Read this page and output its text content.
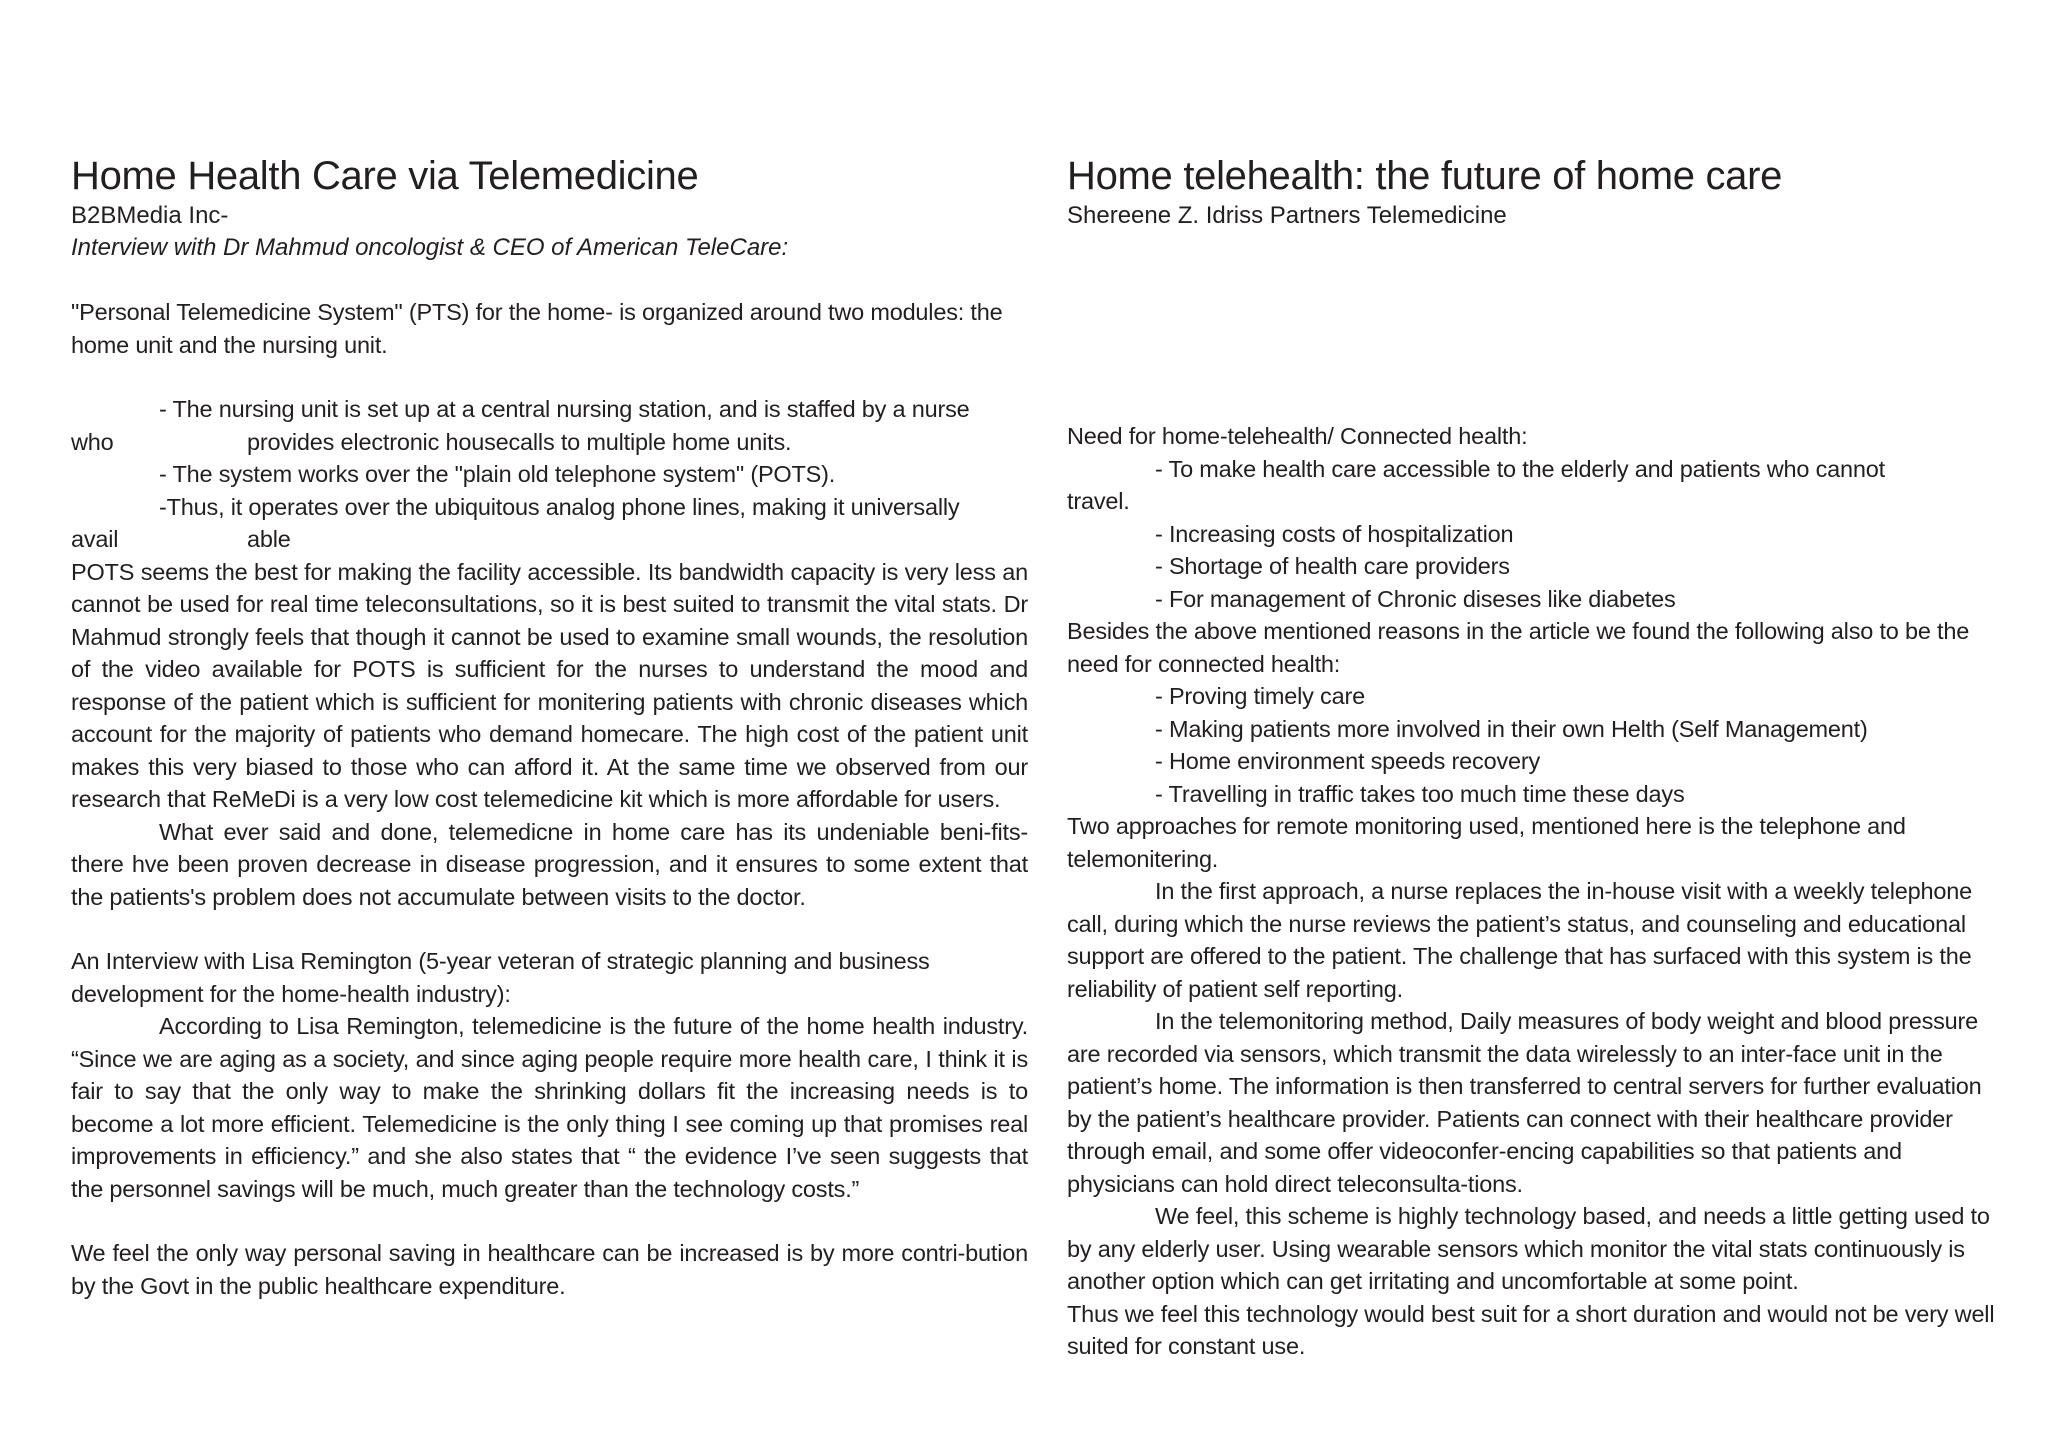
Home Health Care via Telemedicine
B2BMedia Inc-
Interview with Dr Mahmud oncologist & CEO of American TeleCare:

"Personal Telemedicine System" (PTS) for the home- is organized around two modules: the home unit and the nursing unit.

- The nursing unit is set up at a central nursing station, and is staffed by a nurse

who	provides electronic housecalls to multiple home units.

- The system works over the "plain old telephone system" (POTS).

-Thus, it operates over the ubiquitous analog phone lines, making it universally

avail	able

POTS seems the best for making the facility accessible. Its bandwidth capacity is very less an cannot be used for real time teleconsultations, so it is best suited to transmit the vital stats. Dr Mahmud strongly feels that though it cannot be used to examine small wounds, the resolution of the video available for POTS is sufficient for the nurses to understand the mood and response of the patient which is sufficient for monitering patients with chronic diseases which account for the majority of patients who demand homecare. The high cost of the patient unit makes this very biased to those who can afford it. At the same time we observed from our research that ReMeDi is a very low cost telemedicine kit which is more affordable for users.

What ever said and done, telemedicne in home care has its undeniable beni-fits- there hve been proven decrease in disease progression, and it ensures to some extent that the patients's problem does not accumulate between visits to the doctor.

An Interview with Lisa Remington (5-year veteran of strategic planning and business development for the home-health industry):

According to Lisa Remington, telemedicine is the future of the home health industry. “Since we are aging as a society, and since aging people require more health care, I think it is fair to say that the only way to make the shrinking dollars fit the increasing needs is to become a lot more efficient. Telemedicine is the only thing I see coming up that promises real improvements in efficiency.” and she also states that “ the evidence I’ve seen suggests that the personnel savings will be much, much greater than the technology costs.”

We feel the only way personal saving in healthcare can be increased is by more contri-bution by the Govt in the public healthcare expenditure.

Home telehealth: the future of home care
Shereene Z. Idriss Partners Telemedicine

Need for home-telehealth/ Connected health:

- To make health care accessible to the elderly and patients who cannot

travel.

- Increasing costs of hospitalization

- Shortage of health care providers

- For management of Chronic diseses like diabetes

Besides the above mentioned reasons in the article we found the following also to be the need for connected health:

- Proving timely care

- Making patients more involved in their own Helth (Self Management)

- Home environment speeds recovery

- Travelling in traffic takes too much time these days

Two approaches for remote monitoring used, mentioned here is the telephone and telemonitering.

In the first approach, a nurse replaces the in-house visit with a weekly telephone call, during which the nurse reviews the patient’s status, and counseling and educational support are offered to the patient. The challenge that has surfaced with this system is the reliability of patient self reporting.

In the telemonitoring method, Daily measures of body weight and blood pressure are recorded via sensors, which transmit the data wirelessly to an inter-face unit in the patient’s home. The information is then transferred to central servers for further evaluation by the patient’s healthcare provider. Patients can connect with their healthcare provider through email, and some offer videoconfer-encing capabilities so that patients and physicians can hold direct teleconsulta-tions.

We feel, this scheme is highly technology based, and needs a little getting used to by any elderly user. Using wearable sensors which monitor the vital stats continuously is another option which can get irritating and uncomfortable at some point.

Thus we feel this technology would best suit for a short duration and would not be very well suited for constant use.
